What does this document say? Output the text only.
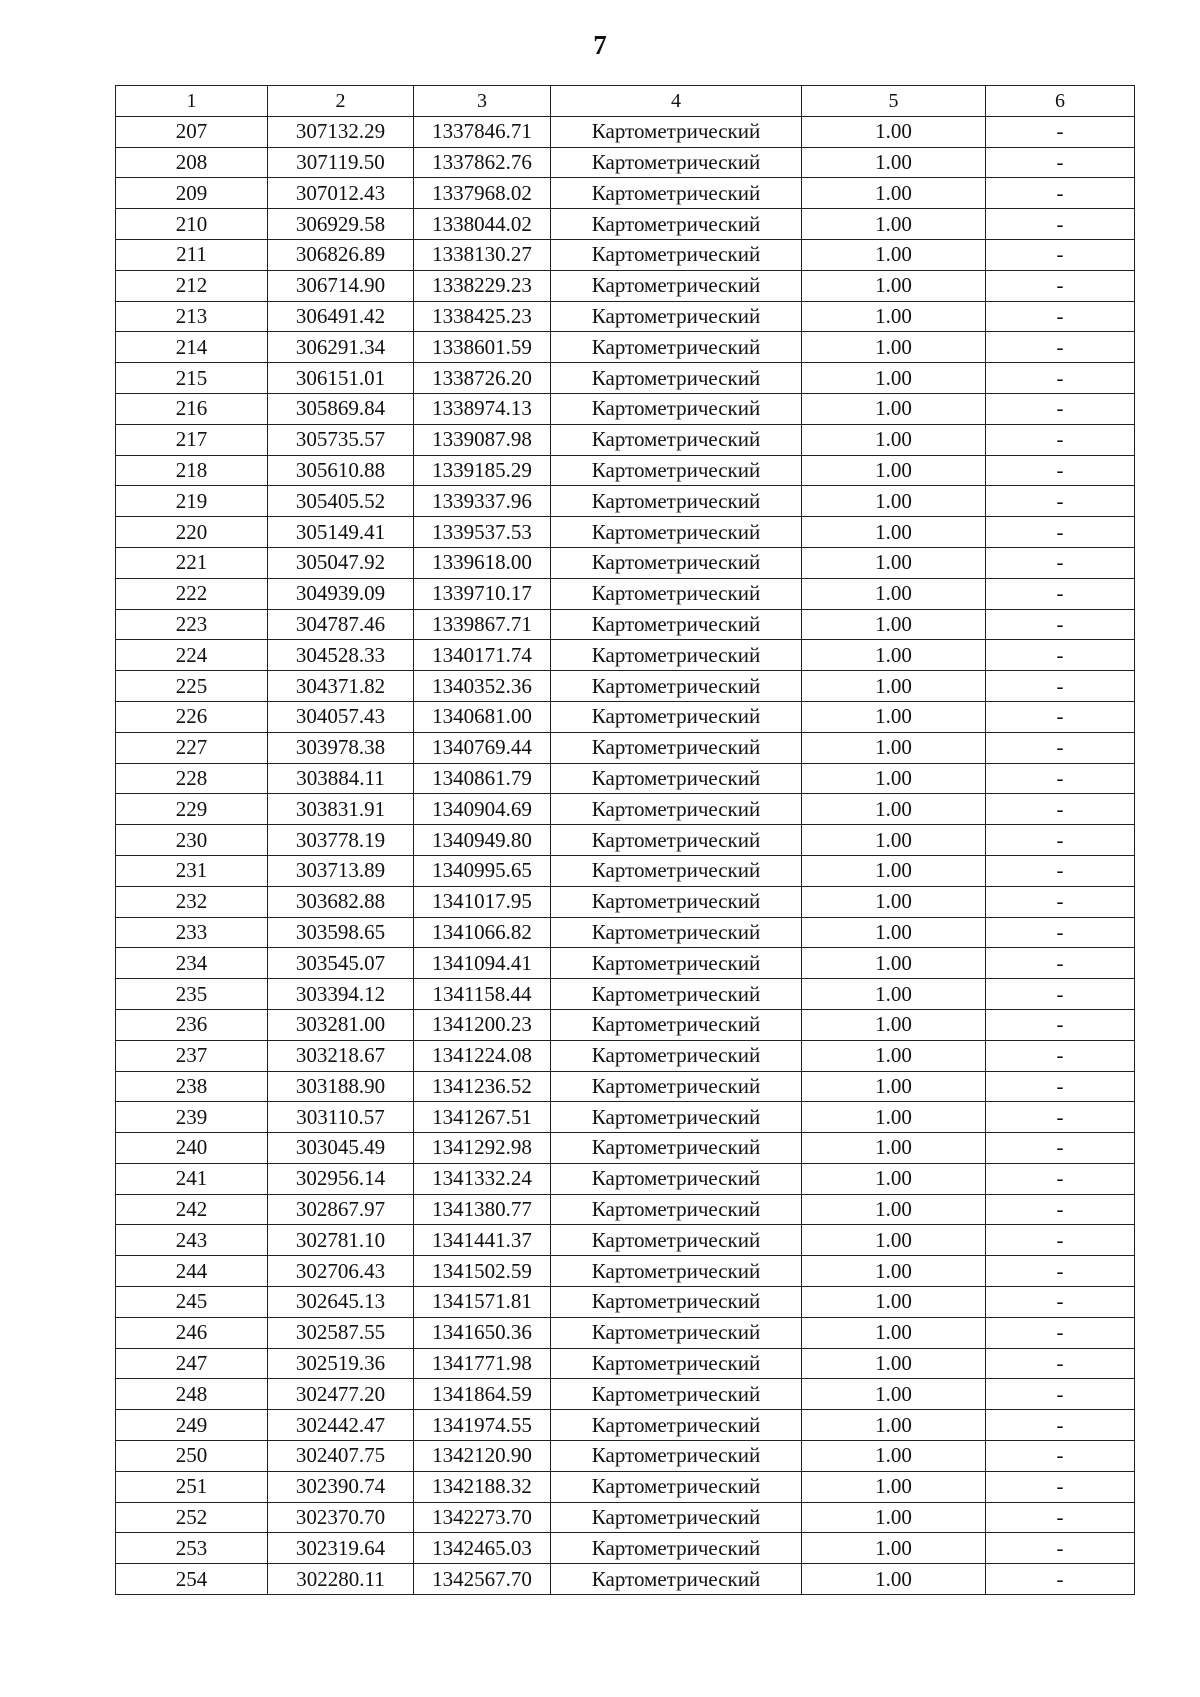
7
1	2	3	4	5	6
207	307132.29	1337846.71	Картометрический	1.00	-
208	307119.50	1337862.76	Картометрический	1.00	-
209	307012.43	1337968.02	Картометрический	1.00	-
210	306929.58	1338044.02	Картометрический	1.00	-
211	306826.89	1338130.27	Картометрический	1.00	-
212	306714.90	1338229.23	Картометрический	1.00	-
213	306491.42	1338425.23	Картометрический	1.00	-
214	306291.34	1338601.59	Картометрический	1.00	-
215	306151.01	1338726.20	Картометрический	1.00	-
216	305869.84	1338974.13	Картометрический	1.00	-
217	305735.57	1339087.98	Картометрический	1.00	-
218	305610.88	1339185.29	Картометрический	1.00	-
219	305405.52	1339337.96	Картометрический	1.00	-
220	305149.41	1339537.53	Картометрический	1.00	-
221	305047.92	1339618.00	Картометрический	1.00	-
222	304939.09	1339710.17	Картометрический	1.00	-
223	304787.46	1339867.71	Картометрический	1.00	-
224	304528.33	1340171.74	Картометрический	1.00	-
225	304371.82	1340352.36	Картометрический	1.00	-
226	304057.43	1340681.00	Картометрический	1.00	-
227	303978.38	1340769.44	Картометрический	1.00	-
228	303884.11	1340861.79	Картометрический	1.00	-
229	303831.91	1340904.69	Картометрический	1.00	-
230	303778.19	1340949.80	Картометрический	1.00	-
231	303713.89	1340995.65	Картометрический	1.00	-
232	303682.88	1341017.95	Картометрический	1.00	-
233	303598.65	1341066.82	Картометрический	1.00	-
234	303545.07	1341094.41	Картометрический	1.00	-
235	303394.12	1341158.44	Картометрический	1.00	-
236	303281.00	1341200.23	Картометрический	1.00	-
237	303218.67	1341224.08	Картометрический	1.00	-
238	303188.90	1341236.52	Картометрический	1.00	-
239	303110.57	1341267.51	Картометрический	1.00	-
240	303045.49	1341292.98	Картометрический	1.00	-
241	302956.14	1341332.24	Картометрический	1.00	-
242	302867.97	1341380.77	Картометрический	1.00	-
243	302781.10	1341441.37	Картометрический	1.00	-
244	302706.43	1341502.59	Картометрический	1.00	-
245	302645.13	1341571.81	Картометрический	1.00	-
246	302587.55	1341650.36	Картометрический	1.00	-
247	302519.36	1341771.98	Картометрический	1.00	-
248	302477.20	1341864.59	Картометрический	1.00	-
249	302442.47	1341974.55	Картометрический	1.00	-
250	302407.75	1342120.90	Картометрический	1.00	-
251	302390.74	1342188.32	Картометрический	1.00	-
252	302370.70	1342273.70	Картометрический	1.00	-
253	302319.64	1342465.03	Картометрический	1.00	-
254	302280.11	1342567.70	Картометрический	1.00	-
